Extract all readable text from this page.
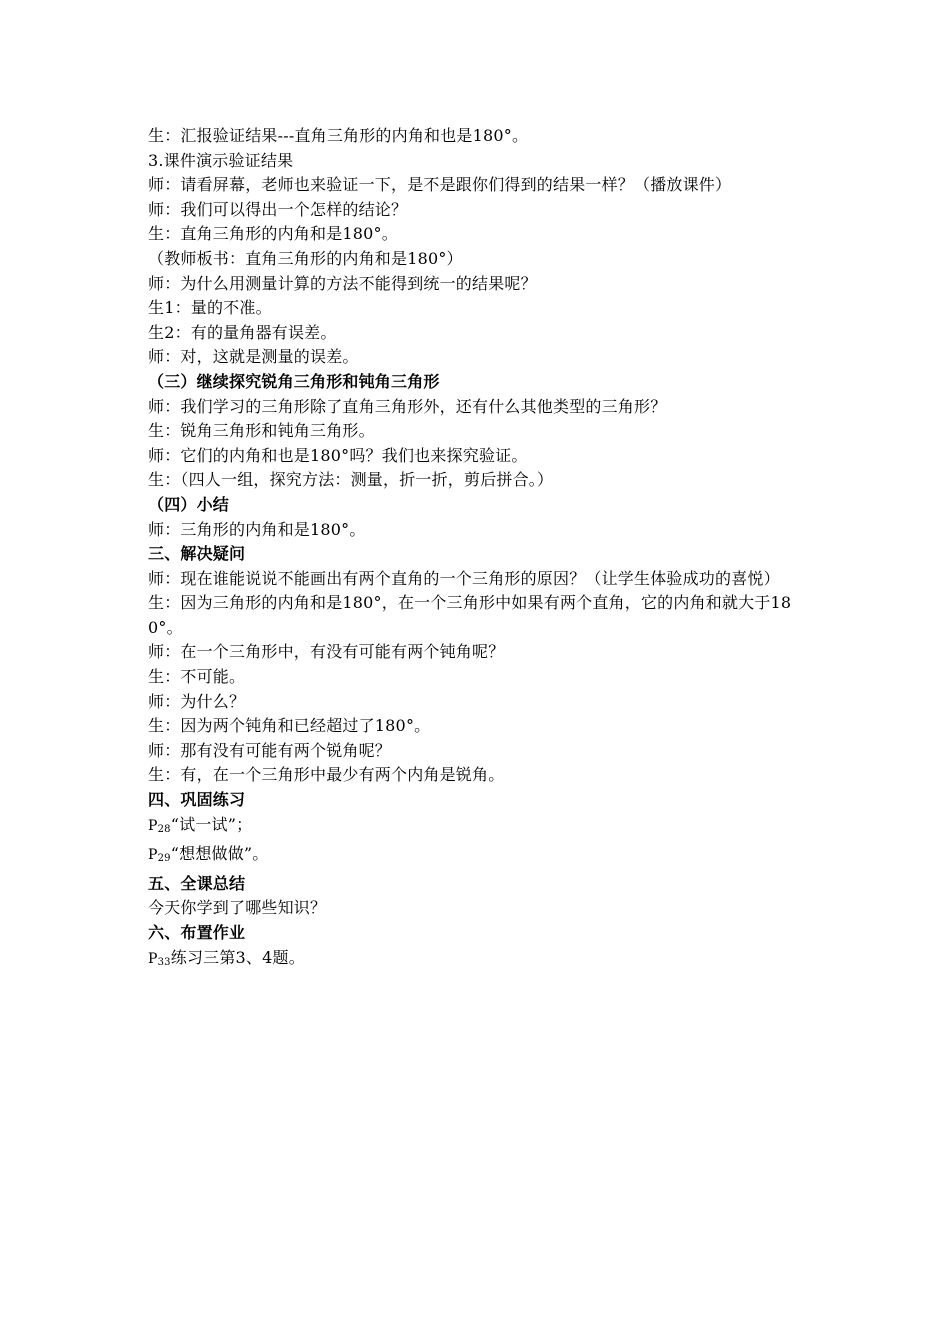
生：汇报验证结果---直角三角形的内角和也是180°。
3.课件演示验证结果
师：请看屏幕，老师也来验证一下，是不是跟你们得到的结果一样？（播放课件）
师：我们可以得出一个怎样的结论？
生：直角三角形的内角和是180°。
（教师板书：直角三角形的内角和是180°）
师：为什么用测量计算的方法不能得到统一的结果呢？
生1：量的不准。
生2：有的量角器有误差。
师：对，这就是测量的误差。
（三）继续探究锐角三角形和钝角三角形
师：我们学习的三角形除了直角三角形外，还有什么其他类型的三角形？
生：锐角三角形和钝角三角形。
师：它们的内角和也是180°吗？我们也来探究验证。
生：（四人一组，探究方法：测量，折一折，剪后拼合。）
（四）小结
师：三角形的内角和是180°。
三、解决疑问
师：现在谁能说说不能画出有两个直角的一个三角形的原因？（让学生体验成功的喜悦）
生：因为三角形的内角和是180°，在一个三角形中如果有两个直角，它的内角和就大于180°。
师：在一个三角形中，有没有可能有两个钝角呢？
生：不可能。
师：为什么？
生：因为两个钝角和已经超过了180°。
师：那有没有可能有两个锐角呢？
生：有，在一个三角形中最少有两个内角是锐角。
四、巩固练习
$P_{28}“$试一试”；
$P_{29}“$想想做做”。
五、全课总结
今天你学到了哪些知识？
六、布置作业
$P_{33}$练习三第3、4题。
